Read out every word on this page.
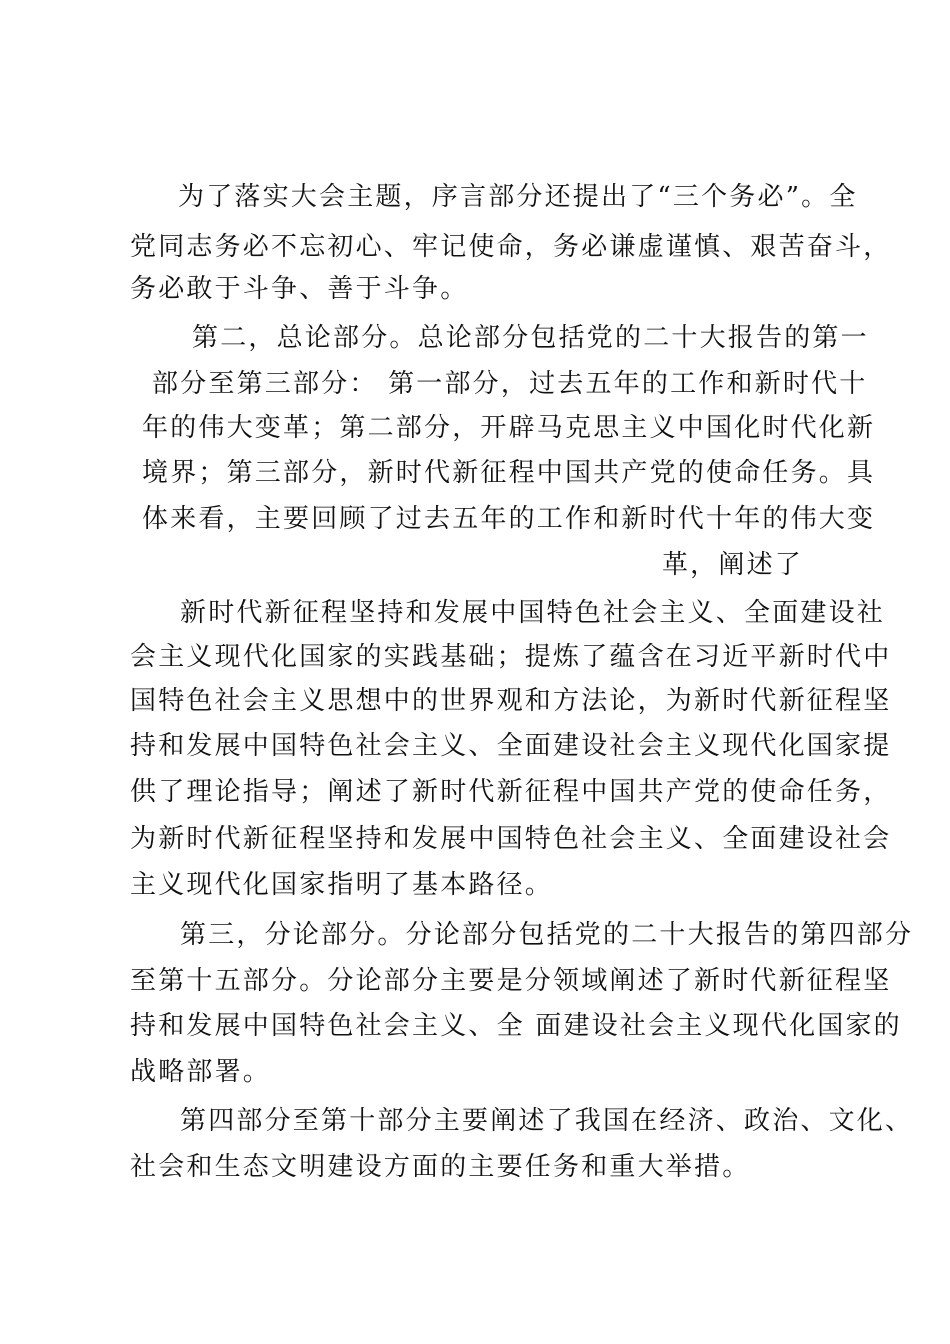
为了落实大会主题，序言部分还提出了“三个务必”。全
党同志务必不忘初心、牢记使命，务必谦虚谨慎、艰苦奋斗，
务必敢于斗争、善于斗争。
第二，总论部分。总论部分包括党的二十大报告的第一
部分至第三部分： 第一部分，过去五年的工作和新时代十
年的伟大变革；第二部分，开辟马克思主义中国化时代化新
境界；第三部分，新时代新征程中国共产党的使命任务。具
体来看，主要回顾了过去五年的工作和新时代十年的伟大变
革，阐述了
新时代新征程坚持和发展中国特色社会主义、全面建设社
会主义现代化国家的实践基础；提炼了蕴含在习近平新时代中
国特色社会主义思想中的世界观和方法论，为新时代新征程坚
持和发展中国特色社会主义、全面建设社会主义现代化国家提
供了理论指导；阐述了新时代新征程中国共产党的使命任务，
为新时代新征程坚持和发展中国特色社会主义、全面建设社会
主义现代化国家指明了基本路径。
第三，分论部分。分论部分包括党的二十大报告的第四部分
至第十五部分。分论部分主要是分领域阐述了新时代新征程坚
持和发展中国特色社会主义、全 面建设社会主义现代化国家的
战略部署。
第四部分至第十部分主要阐述了我国在经济、政治、文化、
社会和生态文明建设方面的主要任务和重大举措。
